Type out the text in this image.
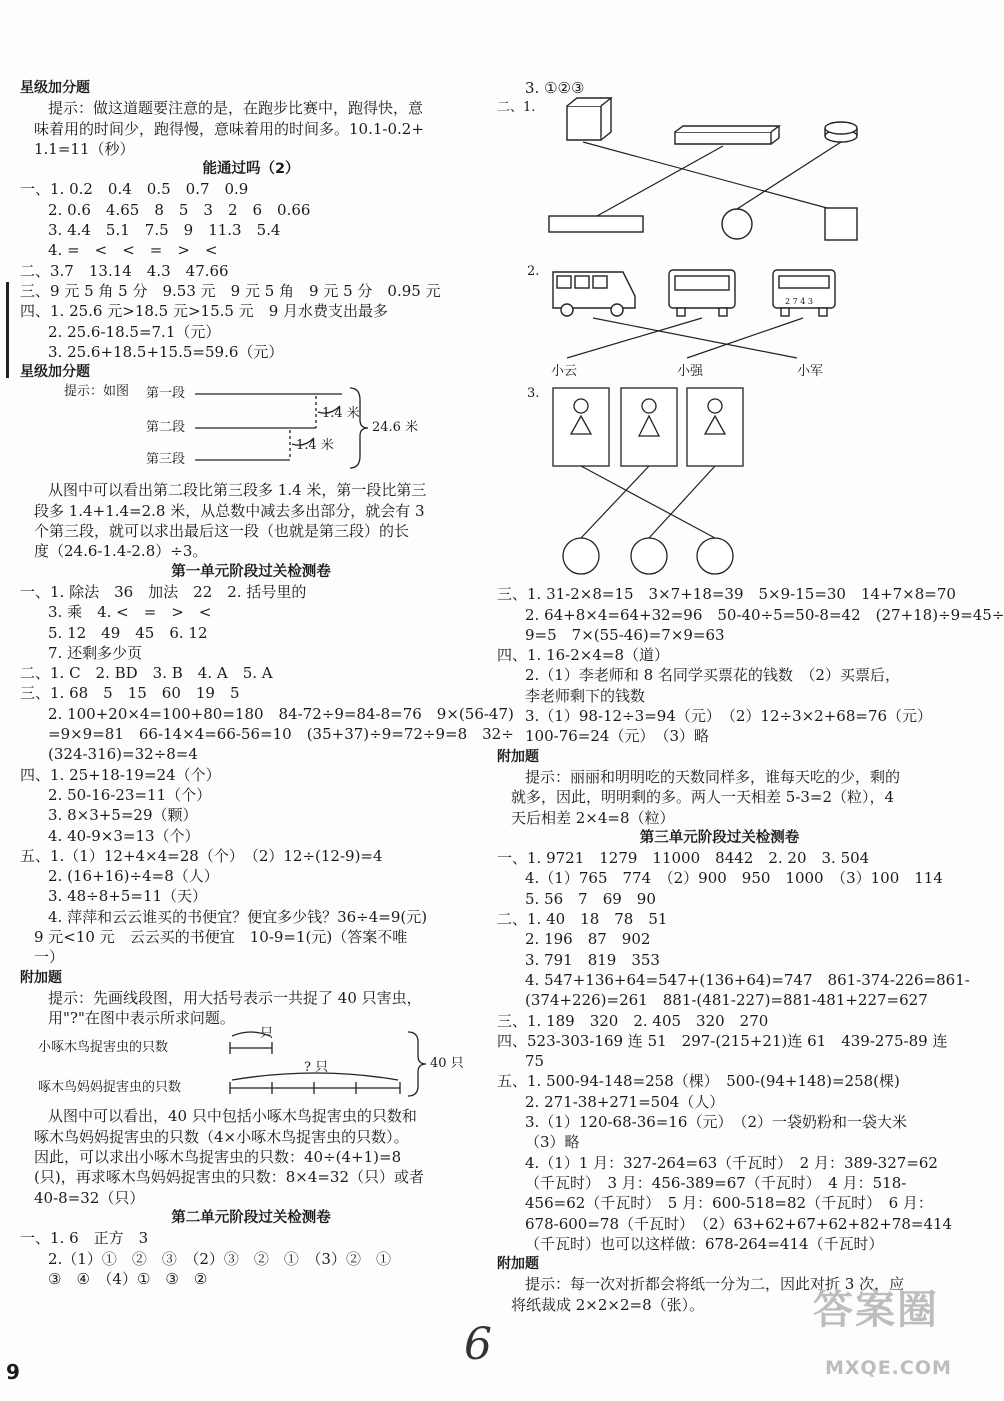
星级加分题
提示：做这道题要注意的是，在跑步比赛中，跑得快，意
味着用的时间少，跑得慢，意味着用的时间多。10.1-0.2+
1.1=11（秒）
能通过吗（2）
一、1. 0.2　0.4　0.5　0.7　0.9
2. 0.6　4.65　8　5　3　2　6　0.66
3. 4.4　5.1　7.5　9　11.3　5.4
4. =　<　<　=　>　<
二、3.7　13.14　4.3　47.66
三、9 元 5 角 5 分　9.53 元　9 元 5 角　9 元 5 分　0.95 元
四、1. 25.6 元>18.5 元>15.5 元　9 月水费支出最多
2. 25.6-18.5=7.1（元）
3. 25.6+18.5+15.5=59.6（元）
星级加分题
提示：如图 第一段
第二段
第三段
1.4 米
1.4 米
24.6 米
从图中可以看出第二段比第三段多 1.4 米，第一段比第三
段多 1.4+1.4=2.8 米，从总数中减去多出部分，就会有 3
个第三段，就可以求出最后这一段（也就是第三段）的长
度（24.6-1.4-2.8）÷3。
第一单元阶段过关检测卷
一、1. 除法　36　加法　22　2. 括号里的
3. 乘　4. <　=　>　<
5. 12　49　45　6. 12
7. 还剩多少页
二、1. C　2. BD　3. B　4. A　5. A
三、1. 68　5　15　60　19　5
2. 100+20×4=100+80=180　84-72÷9=84-8=76　9×(56-47)
=9×9=81　66-14×4=66-56=10　(35+37)÷9=72÷9=8　32÷
(324-316)=32÷8=4
四、1. 25+18-19=24（个）
2. 50-16-23=11（个）
3. 8×3+5=29（颗）
4. 40-9×3=13（个）
五、1.（1）12+4×4=28（个）　（2）12÷(12-9)=4
2. (16+16)÷4=8（人）
3. 48÷8+5=11（天）
4. 萍萍和云云谁买的书便宜？便宜多少钱？36÷4=9(元)
9 元<10 元　云云买的书便宜　10-9=1(元)（答案不唯
一）
附加题
提示：先画线段图，用大括号表示一共捉了 40 只害虫，
用"?"在图中表示所求问题。
小啄木鸟捉害虫的只数
啄木鸟妈妈捉害虫的只数
只
? 只	40 只
从图中可以看出，40 只中包括小啄木鸟捉害虫的只数和
啄木鸟妈妈捉害虫的只数（4×小啄木鸟捉害虫的只数）。
因此，可以求出小啄木鸟捉害虫的只数：40÷(4+1)=8
(只)，再求啄木鸟妈妈捉害虫的只数：8×4=32（只）或者
40-8=32（只）
第二单元阶段过关检测卷
一、1. 6　正方　3
2.（1）①　②　③　（2）③　②　①　（3）②　①
③　④　（4）①　③　②
3. ①②③
二、1.
2.
2 7 4 3
小云	小强	小军
3.
三、1. 31-2×8=15　3×7+18=39　5×9-15=30　14+7×8=70
2. 64+8×4=64+32=96　50-40÷5=50-8=42　(27+18)÷9=45÷
9=5　7×(55-46)=7×9=63
四、1. 16-2×4=8（道）
2.（1）李老师和 8 名同学买票花的钱数　（2）买票后，
李老师剩下的钱数
3.（1）98-12÷3=94（元）　（2）12÷3×2+68=76（元）
100-76=24（元）　（3）略
附加题
提示：丽丽和明明吃的天数同样多，谁每天吃的少，剩的
就多，因此，明明剩的多。两人一天相差 5-3=2（粒），4
天后相差 2×4=8（粒）
第三单元阶段过关检测卷
一、1. 9721　1279　11000　8442　2. 20　3. 504
4.（1）765　774　（2）900　950　1000　（3）100　114
5. 56　7　69　90
二、1. 40　18　78　51
2. 196　87　902
3. 791　819　353
4. 547+136+64=547+(136+64)=747　861-374-226=861-
(374+226)=261　881-(481-227)=881-481+227=627
三、1. 189　320　2. 405　320　270
四、523-303-169 连 51　297-(215+21)连 61　439-275-89 连
75
五、1. 500-94-148=258（棵）　500-(94+148)=258(棵)
2. 271-38+271=504（人）
3.（1）120-68-36=16（元）　（2）一袋奶粉和一袋大米
（3）略
4.（1）1 月：327-264=63（千瓦时）　2 月：389-327=62
（千瓦时）　3 月：456-389=67（千瓦时）　4 月：518-
456=62（千瓦时）　5 月：600-518=82（千瓦时）　6 月：
678-600=78（千瓦时）　（2）63+62+67+62+82+78=414
（千瓦时）也可以这样做：678-264=414（千瓦时）
附加题
提示：每一次对折都会将纸一分为二，因此对折 3 次，应
将纸裁成 2×2×2=8（张）。
9
6
答案圈
MXQE.COM
